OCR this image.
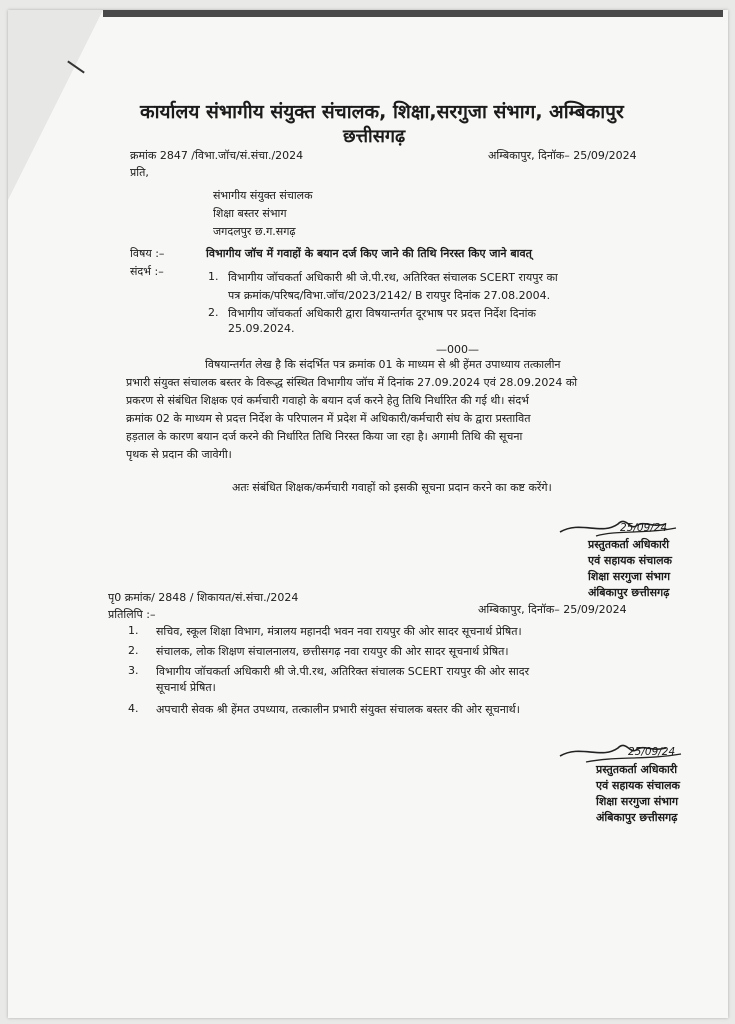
कार्यालय संभागीय संयुक्त संचालक, शिक्षा,सरगुजा संभाग, अम्बिकापुर
छत्तीसगढ़
क्रमांक 2847 /विभा.जॉच/सं.संचा./2024	अम्बिकापुर, दिनॉक– 25/09/2024
प्रति,
संभागीय संयुक्त संचालक
शिक्षा बस्तर संभाग
जगदलपुर छ.ग.सगढ़
विषय :–	विभागीय जॉच में गवाहों के बयान दर्ज किए जाने की तिथि निरस्त किए जाने बावत्
संदर्भ :–	1. विभागीय जॉचकर्ता अधिकारी श्री जे.पी.रथ, अतिरिक्त संचालक SCERT रायपुर का
पत्र क्रमांक/परिषद/विभा.जॉच/2023/2142/ B रायपुर दिनांक 27.08.2004.
2. विभागीय जॉचकर्ता अधिकारी द्वारा विषयान्तर्गत दूरभाष पर प्रदत्त निर्देश दिनांक
25.09.2024.
—000—
विषयान्तर्गत लेख है कि संदर्भित पत्र क्रमांक 01 के माध्यम से श्री हेंमत उपाध्याय तत्कालीन
प्रभारी संयुक्त संचालक बस्तर के विरूद्ध संस्थित विभागीय जॉच में दिनांक 27.09.2024 एवं 28.09.2024 को
प्रकरण से संबंधित शिक्षक एवं कर्मचारी गवाहो के बयान दर्ज करने हेतु तिथि निर्धारित की गई थी। संदर्भ
क्रमांक 02 के माध्यम से प्रदत्त निर्देश के परिपालन में प्रदेश में अधिकारी/कर्मचारी संघ के द्वारा प्रस्तावित
हड़ताल के कारण बयान दर्ज करने की निर्धारित तिथि निरस्त किया जा रहा है। अगामी तिथि की सूचना
पृथक से प्रदान की जावेगी।
अतः संबंधित शिक्षक/कर्मचारी गवाहों को इसकी सूचना प्रदान करने का कष्ट करेंगे।
25/09/24
प्रस्तुतकर्ता अधिकारी
एवं सहायक संचालक
शिक्षा सरगुजा संभाग
अंबिकापुर छत्तीसगढ़
पृ0 क्रमांक/ 2848 / शिकायत/सं.संचा./2024
प्रतिलिपि :–	अम्बिकापुर, दिनॉक– 25/09/2024
1. सचिव, स्कूल शिक्षा विभाग, मंत्रालय महानदी भवन नवा रायपुर की ओर सादर सूचनार्थ प्रेषित।
2. संचालक, लोक शिक्षण संचालनालय, छत्तीसगढ़ नवा रायपुर की ओर सादर सूचनार्थ प्रेषित।
3. विभागीय जॉचकर्ता अधिकारी श्री जे.पी.रथ, अतिरिक्त संचालक SCERT रायपुर की ओर सादर
सूचनार्थ प्रेषित।
4. अपचारी सेवक श्री हेंमत उपध्याय, तत्कालीन प्रभारी संयुक्त संचालक बस्तर की ओर सूचनार्थ।
25/09/24
प्रस्तुतकर्ता अधिकारी
एवं सहायक संचालक
शिक्षा सरगुजा संभाग
अंबिकापुर छत्तीसगढ़
